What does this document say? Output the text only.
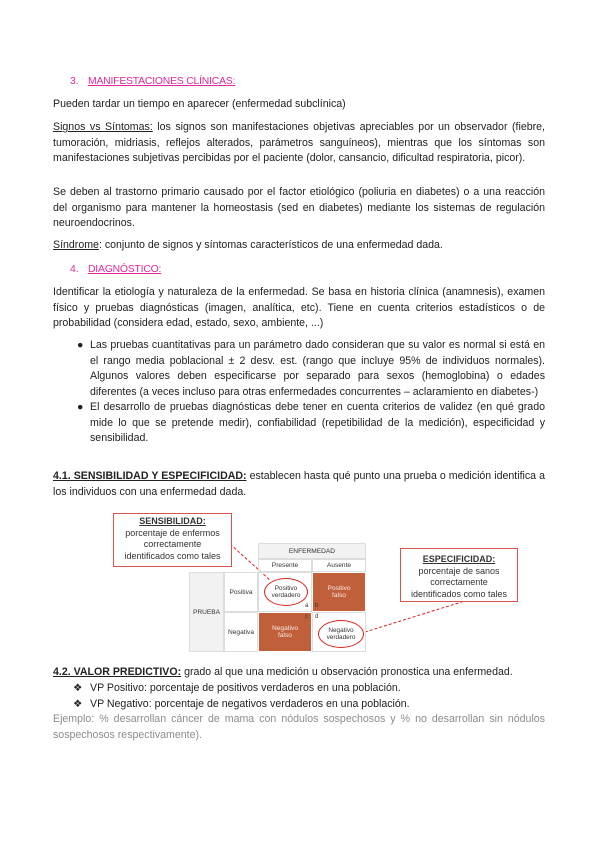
3. MANIFESTACIONES CLÍNICAS:
Pueden tardar un tiempo en aparecer (enfermedad subclínica)
Signos vs Síntomas: los signos son manifestaciones objetivas apreciables por un observador (fiebre, tumoración, midriasis, reflejos alterados, parámetros sanguíneos), mientras que los síntomas son manifestaciones subjetivas percibidas por el paciente (dolor, cansancio, dificultad respiratoria, picor).
Se deben al trastorno primario causado por el factor etiológico (poliuria en diabetes) o a una reacción del organismo para mantener la homeostasis (sed en diabetes) mediante los sistemas de regulación neuroendocrinos.
Síndrome: conjunto de signos y síntomas característicos de una enfermedad dada.
4. DIAGNÓSTICO:
Identificar la etiología y naturaleza de la enfermedad. Se basa en historia clínica (anamnesis), examen físico y pruebas diagnósticas (imagen, analítica, etc). Tiene en cuenta criterios estadísticos o de probabilidad (considera edad, estado, sexo, ambiente, ...)
● Las pruebas cuantitativas para un parámetro dado consideran que su valor es normal si está en el rango media poblacional ± 2 desv. est. (rango que incluye 95% de individuos normales). Algunos valores deben especificarse por separado para sexos (hemoglobina) o edades diferentes (a veces incluso para otras enfermedades concurrentes – aclaramiento en diabetes-)
● El desarrollo de pruebas diagnósticas debe tener en cuenta criterios de validez (en qué grado mide lo que se pretende medir), confiabilidad (repetibilidad de la medición), especificidad y sensibilidad.
4.1. SENSIBILIDAD Y ESPECIFICIDAD: establecen hasta qué punto una prueba o medición identifica a los individuos con una enfermedad dada.
SENSIBILIDAD:
porcentaje de enfermos correctamente identificados como tales	ENFERMEDAD
Presente	Ausente
PRUEBA
Positiva
Negativa
Positivo falso
Negativo falso
Positivo verdadero
Negativo verdadero
a b
c d
ESPECIFICIDAD:
porcentaje de sanos correctamente identificados como tales
4.2. VALOR PREDICTIVO: grado al que una medición u observación pronostica una enfermedad.
❖ VP Positivo: porcentaje de positivos verdaderos en una población.
❖ VP Negativo: porcentaje de negativos verdaderos en una población.
Ejemplo: % desarrollan cáncer de mama con nódulos sospechosos y % no desarrollan sin nódulos sospechosos respectivamente).
